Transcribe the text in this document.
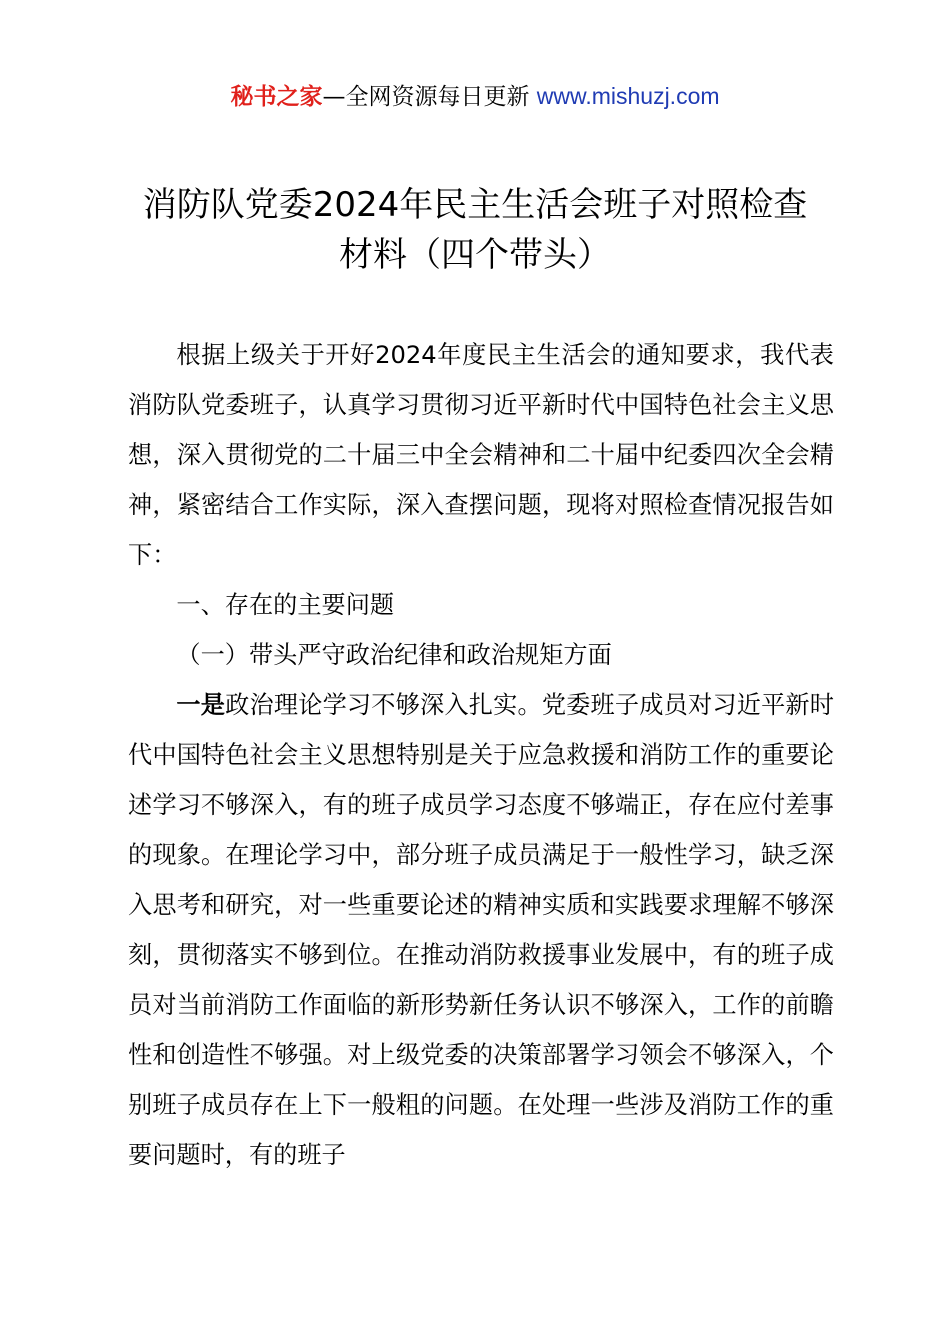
秘书之家—全网资源每日更新 www.mishuzj.com
消防队党委2024年民主生活会班子对照检查
材料（四个带头）

根据上级关于开好2024年度民主生活会的通知要求，我代表消防队党委班子，认真学习贯彻习近平新时代中国特色社会主义思想，深入贯彻党的二十届三中全会精神和二十届中纪委四次全会精神，紧密结合工作实际，深入查摆问题，现将对照检查情况报告如下：

一、存在的主要问题

（一）带头严守政治纪律和政治规矩方面

一是政治理论学习不够深入扎实。党委班子成员对习近平新时代中国特色社会主义思想特别是关于应急救援和消防工作的重要论述学习不够深入，有的班子成员学习态度不够端正，存在应付差事的现象。在理论学习中，部分班子成员满足于一般性学习，缺乏深入思考和研究，对一些重要论述的精神实质和实践要求理解不够深刻，贯彻落实不够到位。在推动消防救援事业发展中，有的班子成员对当前消防工作面临的新形势新任务认识不够深入，工作的前瞻性和创造性不够强。对上级党委的决策部署学习领会不够深入，个别班子成员存在上下一般粗的问题。在处理一些涉及消防工作的重要问题时，有的班子
